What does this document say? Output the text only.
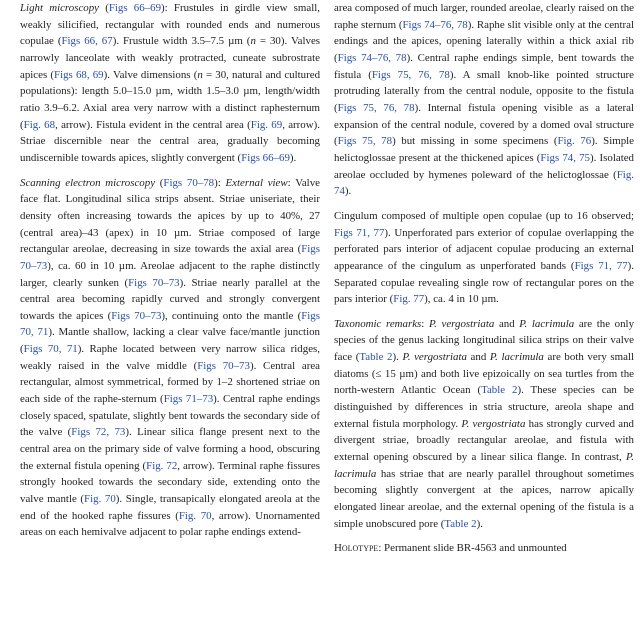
Light microscopy (Figs 66–69): Frustules in girdle view small, weakly silicified, rectangular with rounded ends and numerous copulae (Figs 66, 67). Frustule width 3.5–7.5 µm (n = 30). Valves narrowly lanceolate with weakly protracted, cuneate subrostrate apices (Figs 68, 69). Valve dimensions (n = 30, natural and cultured populations): length 5.0–15.0 µm, width 1.5–3.0 µm, length/width ratio 3.9–6.2. Axial area very narrow with a distinct raphesternum (Fig. 68, arrow). Fistula evident in the central area (Fig. 69, arrow). Striae discernible near the central area, gradually becoming undiscernible towards apices, slightly convergent (Figs 66–69).

Scanning electron microscopy (Figs 70–78): External view: Valve face flat. Longitudinal silica strips absent. Striae uniseriate, their density often increasing towards the apices by up to 40%, 27 (central area)–43 (apex) in 10 µm. Striae composed of large rectangular areolae, decreasing in size towards the axial area (Figs 70–73), ca. 60 in 10 µm. Areolae adjacent to the raphe distinctly larger, clearly sunken (Figs 70–73). Striae nearly parallel at the central area becoming rapidly curved and strongly convergent towards the apices (Figs 70–73), continuing onto the mantle (Figs 70, 71). Mantle shallow, lacking a clear valve face/mantle junction (Figs 70, 71). Raphe located between very narrow silica ridges, weakly raised in the valve middle (Figs 70–73). Central area rectangular, almost symmetrical, formed by 1–2 shortened striae on each side of the raphe-sternum (Figs 71–73). Central raphe endings closely spaced, spatulate, slightly bent towards the secondary side of the valve (Figs 72, 73). Linear silica flange present next to the central area on the primary side of valve forming a hood, obscuring the external fistula opening (Fig. 72, arrow). Terminal raphe fissures strongly hooked towards the secondary side, extending onto the valve mantle (Fig. 70). Single, transapically elongated areola at the end of the hooked raphe fissures (Fig. 70, arrow). Unornamented areas on each hemivalve adjacent to polar raphe endings extend-

area composed of much larger, rounded areolae, clearly raised on the raphe sternum (Figs 74–76, 78). Raphe slit visible only at the central endings and the apices, opening laterally within a thick axial rib (Figs 74–76, 78). Central raphe endings simple, bent towards the fistula (Figs 75, 76, 78). A small knob-like pointed structure protruding laterally from the central nodule, opposite to the fistula (Figs 75, 76, 78). Internal fistula opening visible as a lateral expansion of the central nodule, covered by a domed oval structure (Figs 75, 78) but missing in some specimens (Fig. 76). Simple helictoglossae present at the thickened apices (Figs 74, 75). Isolated areolae occluded by hymenes poleward of the helictoglossae (Fig. 74).

Cingulum composed of multiple open copulae (up to 16 observed; Figs 71, 77). Unperforated pars exterior of copulae overlapping the perforated pars interior of adjacent copulae producing an external appearance of the cingulum as unperforated bands (Figs 71, 77). Separated copulae revealing single row of rectangular pores on the pars interior (Fig. 77), ca. 4 in 10 µm.

Taxonomic remarks: P. vergostriata and P. lacrimula are the only species of the genus lacking longitudinal silica strips on their valve face (Table 2). P. vergostriata and P. lacrimula are both very small diatoms (≤ 15 µm) and both live epizoically on sea turtles from the north-western Atlantic Ocean (Table 2). These species can be distinguished by differences in stria structure, areola shape and external fistula morphology. P. vergostriata has strongly curved and divergent striae, broadly rectangular areolae, and fistula with external opening obscured by a linear silica flange. In contrast, P. lacrimula has striae that are nearly parallel throughout sometimes becoming slightly convergent at the apices, narrow apically elongated linear areolae, and the external opening of the fistula is a simple unobscured pore (Table 2).

Holotype: Permanent slide BR-4563 and unmounted
